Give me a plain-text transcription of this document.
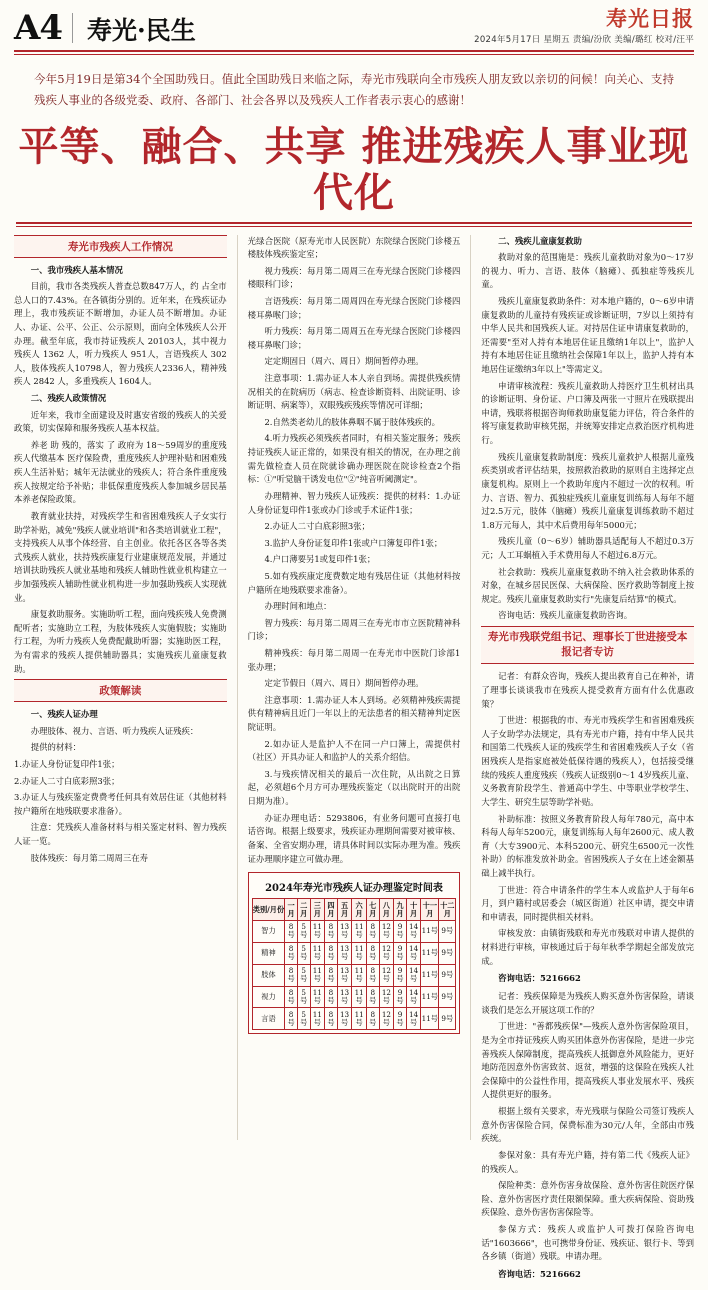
A4 寿光·民生	寿光日报
2024年5月17日 星期五 责编/汾欣 美编/璐红 校对/汪平
今年5月19日是第34个全国助残日。值此全国助残日来临之际，寿光市残联向全市残疾人朋友致以亲切的问候！向关心、支持残疾人事业的各级党委、政府、各部门、社会各界以及残疾人工作者表示衷心的感谢！
平等、融合、共享 推进残疾人事业现代化
寿光市残疾人工作情况

一、我市残疾人基本情况

目前，我市各类残疾人普查总数847万人，约 占全市总人口的7.43%。在各镇街分别的。近年来，在残疾证办理上，我市残疾证不断增加，办证人员不断增加。办证人、办证、公平、公正、公示原则，面向全体残疾人公开办理。截至年底，我市持证残疾人 20103人，其中视力残疾人 1362 人，听力残疾人 951人，言语残疾人 302 人，肢体残疾人10798人，智力残疾人2336人，精神残疾人 2842 人，多重残疾人 1604人。

二、残疾人政策情况

近年来，我市全面建设及时惠安省级的残疾人的关爱政策，切实保障和服务残疾人基本权益。

养老 助 残的，落实 了 政府为 18～59周岁的重度残疾人代缴基本 医疗保险费，重度残疾人护理补贴和困难残疾人生活补贴；城年无法就业的残疾人；符合条件重度残疾人按规定给予补贴；非低保重度残疾人参加城乡居民基本养老保险政策。

教育就业扶持，对残疾学生和省困难残疾人子女实行助学补贴，减免"残疾人就业培训"和各类培训就业工程"，支持残疾人从事个体经营、自主创业。依托各区各等各类式残疾人就业，扶持残疾康复行业建康规范发展，并通过培训扶助残疾人就业基地和残疾人辅助性就业机构建立一步加强残疾人辅助性就业机构进一步加强助残疾人实现就业。

康复救助服务。实施助听工程，面向残疾残人免费测配听者；实施助立工程，为肢体残疾人实施假肢；实施助行工程，为听力残疾人免费配戴助听器；实施助医工程，为有需求的残疾人提供辅助器具；实施残疾儿童康复救助。

政策解读

一、残疾人证办理

办理肢体、视力、言语、听力残疾人证残疾：

提供的材料：

1.办证人身份证复印件1张；

2.办证人二寸白底彩照3张；

3.办证人与残疾鉴定费费考任何具有效居住证（其他材料按户籍所在地残联要求准备）。

注意：凭残疾人准备材料与相关鉴定材料、智力残疾人证一览。

肢体残疾：每月第二周周三在寿

光绿合医院（原寿光市人民医院）东院绿合医院门诊楼五楼肢体残疾鉴定室；

视力残疾：每月第二周周三在寿光绿合医院门诊楼四楼眼科门诊；

言语残疾：每月第二周周四在寿光绿合医院门诊楼四楼耳鼻喉门诊；

听力残疾：每月第二周周五在寿光绿合医院门诊楼四楼耳鼻喉门诊；

定定期固日（周六、周日）期间暂停办理。

注意事项：1.需办证人本人亲自到场。需提供残疾情况相关的在院病历（病志、检查诊断资料、出院证明、诊断证明、病案等），双眼残疾残疾等情况可详细；

2.自然类老幼儿的肢体鼻咽不属于肢体残疾的。

4.听力残疾必须残疾者同时，有相关鉴定服务；残疾持证残疾人证正常的，如果没有相关的情况，在办理之前需先做检查人员在院就诊确办理医院在院诊检查2个指标：①"听觉脑干诱发电位"②"纯音听阈测定"。

办理精神、智力残疾人证残疾：提供的材料：1.办证人身份证复印件1张或办门诊或手术证件1张；

2.办证人二寸白底彩照3张；

3.监护人身份证复印件1张或户口簿复印件1张；

4.户口薄要另1或复印件1张；

5.如有残疾康定度费数定地有残居住证（其他材料按户籍所在地残联要求准备）。

办理时间和地点：

智力残疾：每月第二周周三在寿光市市立医院精神科门诊；

精神残疾：每月第二周周一在寿光市中医院门诊部1张办理；

定定节假日（周六、周日）期间暂停办理。

注意事项：1.需办证人本人到场。必须精神残疾需提供有精神病且近门一年以上的无法患者的相关精神判定医院证明。

2.如办证人是监护人不在同一户口簿上，需提供村（社区）开具办证人和监护人的关系介绍信。

3.与残疾情况相关的最后一次住院，从出院之日算起，必须超6个月方可办理残疾鉴定（以出院时开的出院日期为准）。

办证办理电话：5293806，有业务问题可直接打电话咨询。根据上级要求，残疾证办理期间需要对被审核、备案、全省安期办理，请具体时间以实际办理为准。残疾证办理顺序建立可做办理。

2024年寿光市残疾人证办理鉴定时间表
类别/月份	一月	二月	三月	四月	五月	六月	七月	八月	九月	十月	十一月	十二月
智力	8号	5号	11号	8号	13号	11号	8号	12号	9号	14号	11号	9号
精神	8号	5号	11号	8号	13号	11号	8号	12号	9号	14号	11号	9号
肢体	8号	5号	11号	8号	13号	11号	8号	12号	9号	14号	11号	9号
视力	8号	5号	11号	8号	13号	11号	8号	12号	9号	14号	11号	9号
言语	8号	5号	11号	8号	13号	11号	8号	12号	9号	14号	11号	9号

二、残疾儿童康复救助

救助对象的范围施是：残疾儿童救助对象为0～17岁的视力、听力、言语、肢体（脑瘫）、孤独症等残疾儿童。

残疾儿童康复救助条件：对本地户籍的，0～6岁申请康复救助的儿童持有残疾证或诊断证明，7岁以上须持有中华人民共和国残疾人证。对持居住证申请康复救助的，还需要"至对人持有本地居住证且缴纳1年以上"，监护人持有本地居住证且缴纳社会保障1年以上，监护人持有本地居住证缴纳3年以上"等需定义。

申请审核流程：残疾儿童救助人持医疗卫生机材出具的诊断证明、身份证、户口簿及两张一寸照片在残联提出申请，残联将根据咨询师救助康复能力评估，符合条件的将写康复救助审核凭据，并统筹安排定点救治医疗机构进行。

残疾儿童康复救助制度：残疾儿童救护人根据儿童残疾类别或者评估结果，按照救治救助的原则自主选择定点康复机构。原则上一个救助年度内不超过一次的权利。听力、言语、智力、孤独症残疾儿童康复训练每人每年不超过2.5万元，肢体（脑瘫）残疾儿童康复训练救助不超过1.8万元每人，其中术后费用每年5000元；

残疾儿童（0～6岁）辅助器具适配每人不超过0.3万元；人工耳蜗植入手术费用每人不超过6.8万元。

社会救助：残疾儿童康复救助不纳入社会救助体系的对象，在城乡居民医保、大病保险、医疗救助等制度上按规定。残疾儿童康复救助实行"先康复后结算"的模式。

咨询电话：残疾儿童康复救助咨询。

寿光市残联党组书记、理事长丁世进接受本报记者专访

记者：有群众咨询，残疾人提出救育自己在种补，请了理事长谈谈我市在残疾人提受救育方面有什么优惠政策？

丁世进：根据我的市、寿光市残疾学生和省困难残疾人子女助学办法规定，具有寿光市户籍，持有中华人民共和国第二代残疾人证的残疾学生和省困难残疾人子女（省困残疾人是指家庭被处低保待遇的残疾人），包括接受继续的残疾人重度残疾（残疾人证级别0～1 4岁残疾儿童、义务教育阶段学生、普通高中学生、中等职业学校学生、大学生、研究生层等助学补贴。

补助标准：按照义务教育阶段人每年780元，高中本科每人每年5200元，康复训练每人每年2600元、成人教育（大专3900元、本科5200元、研究生6500元一次性补助）的标准发放补助金。省困残疾人子女在上述金额基础上减半执行。

丁世进：符合申请条件的学生本人或监护人于每年6月，到户籍村或居委会（城区街道）社区申请，提交申请和申请表，同时提供相关材料。

审核发放：由镇街残联和寿光市残联对申请人提供的材料进行审核，审核通过后于每年秋季学期起全部发放完成。

咨询电话：5216662

记者：残疾保障是为残疾人购买意外伤害保险，请谈谈我们是怎么开展这项工作的？

丁世进："善都残疾保"—残疾人意外伤害保险项目，是为全市持证残疾人购买团体意外伤害保险，是进一步完善残疾人保障制度，提高残疾人抵御意外风险能力，更好地防范因意外伤害致贫、返贫，增强的这保险在残疾人社会保障中的公益性作用，提高残疾人事业发展水平、残疾人提供更好的服务。

根据上级有关要求，寿光残联与保险公司签订残疾人意外伤害保险合同，保费标准为30元/人年，全部由市残疾统。

参保对象：具有寿光户籍，持有第二代《残疾人证》的残疾人。

保险种类：意外伤害身故保险、意外伤害住院医疗保险、意外伤害医疗责任限额保障。重大疾病保险、资助残疾保险、意外伤害伤害保险等。

参保方式：残疾人或监护人可拨打保险咨询电话"1603666"，也可携带身份证、残疾证、银行卡、等到各乡镇（街道）残联。申请办理。

咨询电话：5216662
